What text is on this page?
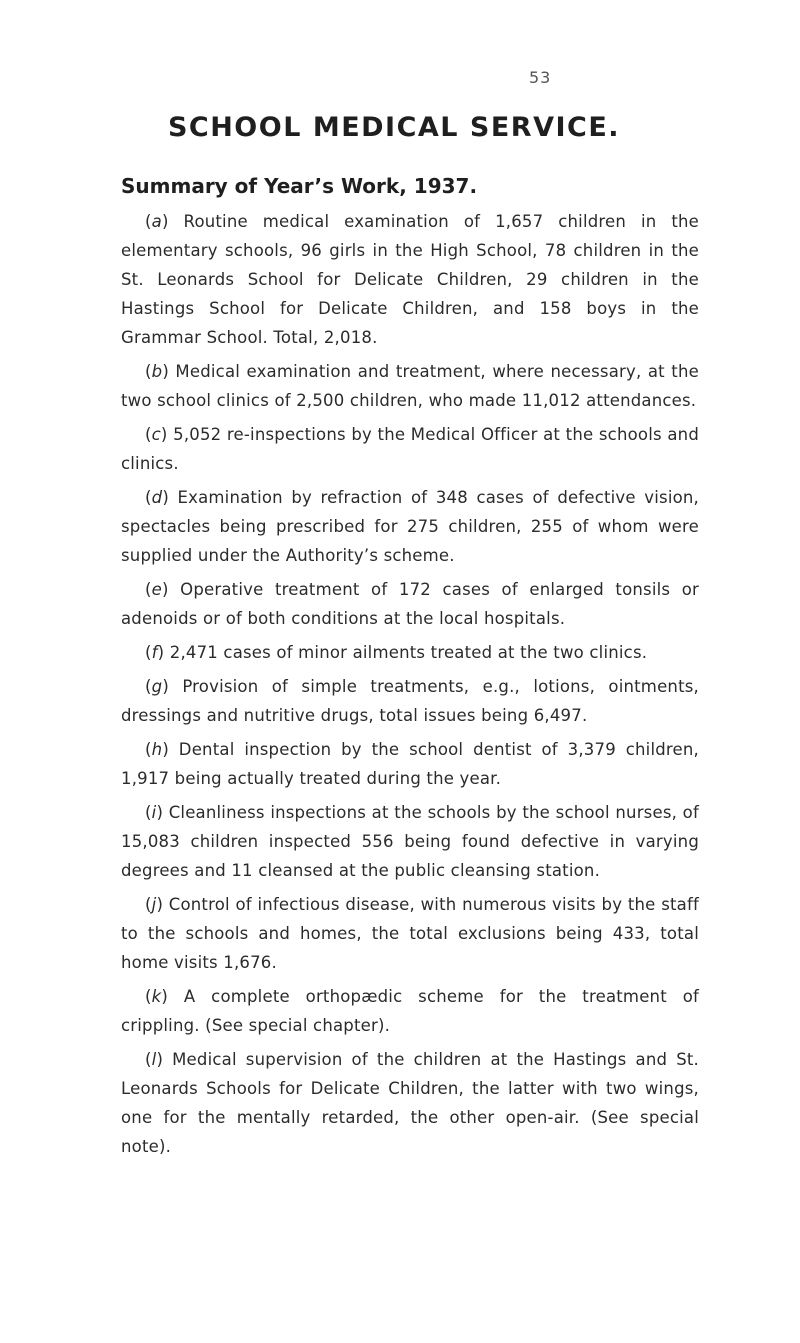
53
SCHOOL MEDICAL SERVICE.
Summary of Year’s Work, 1937.

(a) Routine medical examination of 1,657 children in the elementary schools, 96 girls in the High School, 78 children in the St. Leonards School for Delicate Children, 29 children in the Hastings School for Delicate Children, and 158 boys in the Grammar School. Total, 2,018.

(b) Medical examination and treatment, where necessary, at the two school clinics of 2,500 children, who made 11,012 attendances.

(c) 5,052 re-inspections by the Medical Officer at the schools and clinics.

(d) Examination by refraction of 348 cases of defective vision, spectacles being prescribed for 275 children, 255 of whom were supplied under the Authority’s scheme.

(e) Operative treatment of 172 cases of enlarged tonsils or adenoids or of both conditions at the local hospitals.

(f) 2,471 cases of minor ailments treated at the two clinics.

(g) Provision of simple treatments, e.g., lotions, ointments, dressings and nutritive drugs, total issues being 6,497.

(h) Dental inspection by the school dentist of 3,379 children, 1,917 being actually treated during the year.

(i) Cleanliness inspections at the schools by the school nurses, of 15,083 children inspected 556 being found defective in varying degrees and 11 cleansed at the public cleansing station.

(j) Control of infectious disease, with numerous visits by the staff to the schools and homes, the total exclusions being 433, total home visits 1,676.

(k) A complete orthopædic scheme for the treatment of crippling. (See special chapter).

(l) Medical supervision of the children at the Hastings and St. Leonards Schools for Delicate Children, the latter with two wings, one for the mentally retarded, the other open-air. (See special note).
